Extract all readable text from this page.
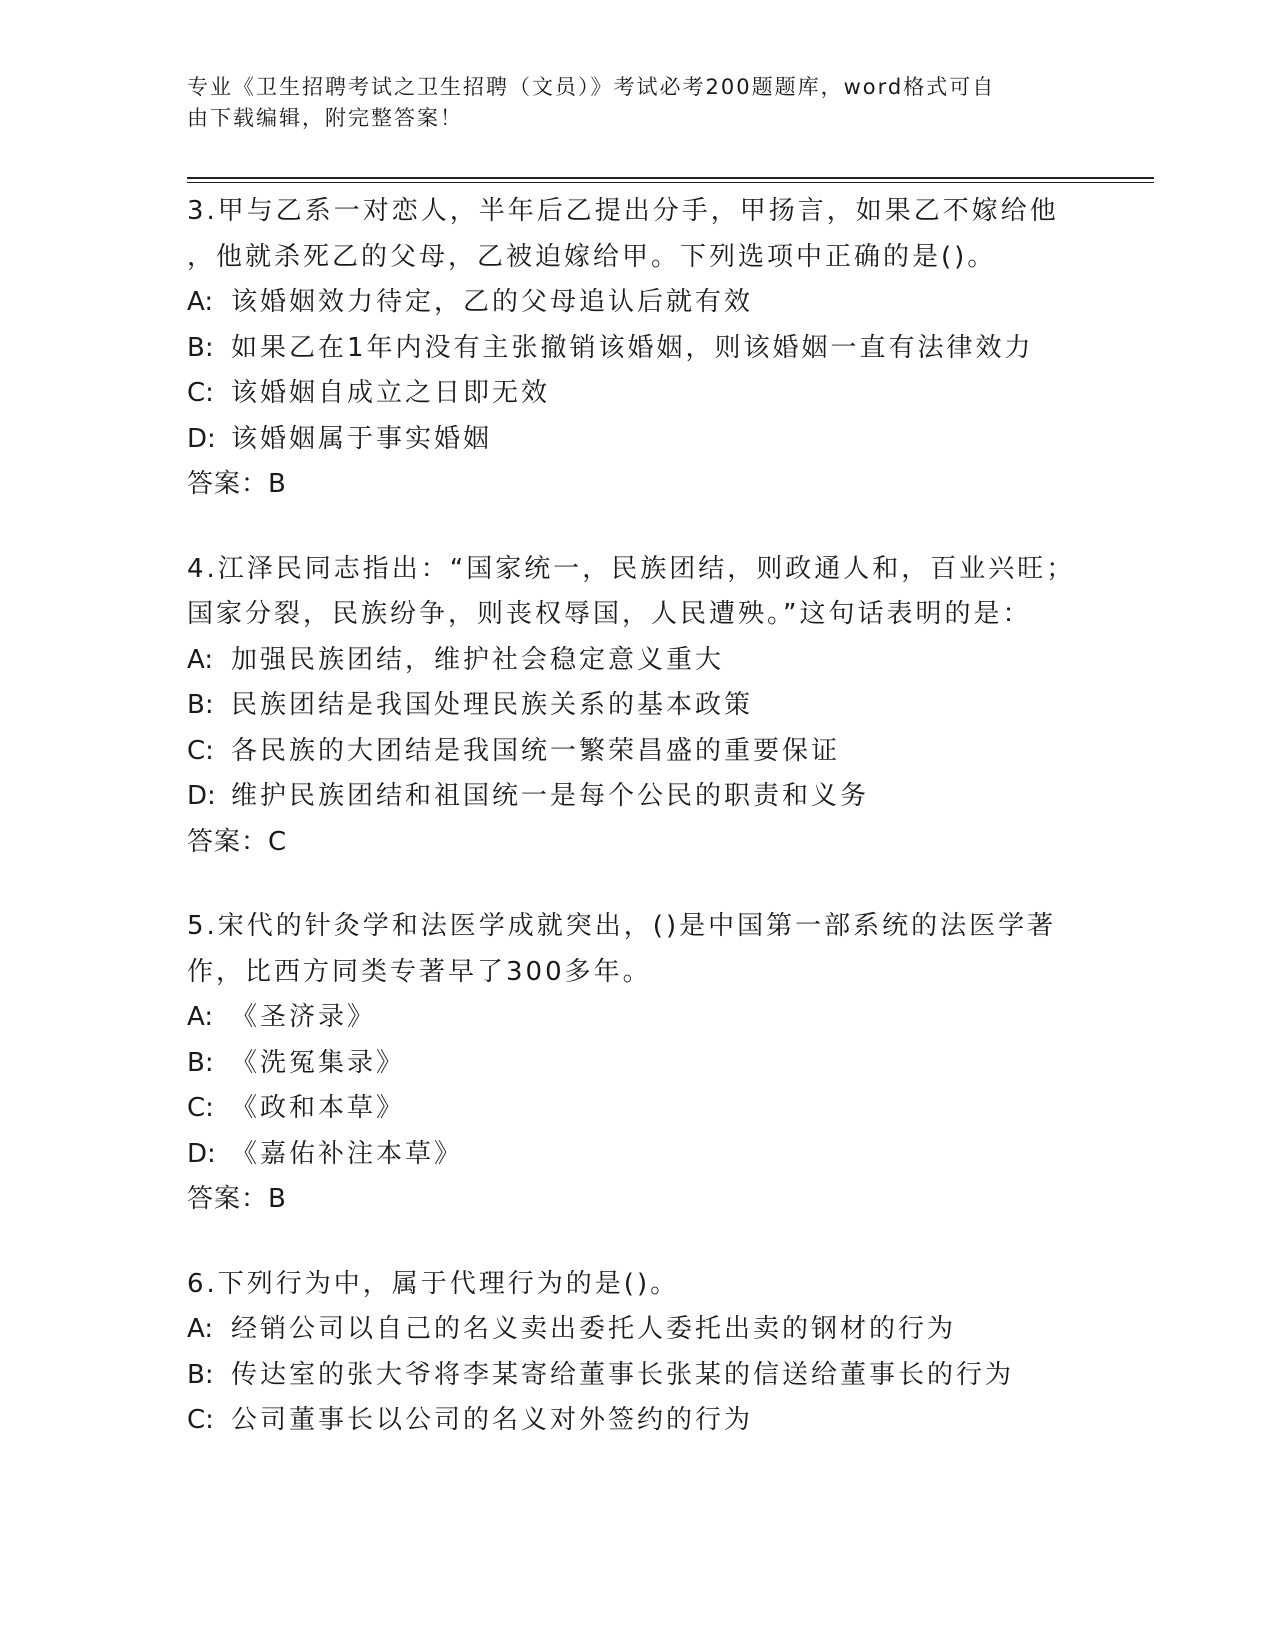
专业《卫生招聘考试之卫生招聘（文员）》考试必考200题题库，word格式可自
由下载编辑，附完整答案！
3.甲与乙系一对恋人，半年后乙提出分手，甲扬言，如果乙不嫁给他
，他就杀死乙的父母，乙被迫嫁给甲。下列选项中正确的是()。
A: 该婚姻效力待定，乙的父母追认后就有效
B: 如果乙在1年内没有主张撤销该婚姻，则该婚姻一直有法律效力
C: 该婚姻自成立之日即无效
D: 该婚姻属于事实婚姻
答案：B
4.江泽民同志指出：“国家统一，民族团结，则政通人和，百业兴旺；
国家分裂，民族纷争，则丧权辱国，人民遭殃。”这句话表明的是：
A: 加强民族团结，维护社会稳定意义重大
B: 民族团结是我国处理民族关系的基本政策
C: 各民族的大团结是我国统一繁荣昌盛的重要保证
D: 维护民族团结和祖国统一是每个公民的职责和义务
答案：C
5.宋代的针灸学和法医学成就突出，()是中国第一部系统的法医学著
作，比西方同类专著早了300多年。
A: 《圣济录》
B: 《洗冤集录》
C: 《政和本草》
D: 《嘉佑补注本草》
答案：B
6.下列行为中，属于代理行为的是()。
A: 经销公司以自己的名义卖出委托人委托出卖的钢材的行为
B: 传达室的张大爷将李某寄给董事长张某的信送给董事长的行为
C: 公司董事长以公司的名义对外签约的行为
